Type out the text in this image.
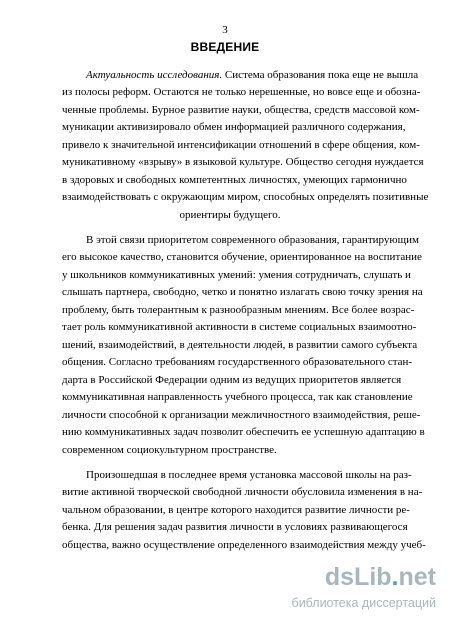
3
ВВЕДЕНИЕ
Актуальность исследования. Система образования пока еще не вышла
из полосы реформ. Остаются не только нерешенные, но вовсе еще и обозна-
ченные проблемы. Бурное развитие науки, общества, средств массовой ком-
муникации активизировало обмен информацией различного содержания,
привело к значительной интенсификации отношений в сфере общения, ком-
муникативному «взрыву» в языковой культуре. Общество сегодня нуждается
в здоровых и свободных компетентных личностях, умеющих гармонично
взаимодействовать с окружающим миром, способных определять позитивные
ориентиры будущего.
В этой связи приоритетом современного образования, гарантирующим
его высокое качество, становится обучение, ориентированное на воспитание
у школьников коммуникативных умений: умения сотрудничать, слушать и
слышать партнера, свободно, четко и понятно излагать свою точку зрения на
проблему, быть толерантным к разнообразным мнениям. Все более возрас-
тает роль коммуникативной активности в системе социальных взаимоотно-
шений, взаимодействий, в деятельности людей, в развитии самого субъекта
общения. Согласно требованиям государственного образовательного стан-
дарта в Российской Федерации одним из ведущих приоритетов является
коммуникативная направленность учебного процесса, так как становление
личности способной к организации межличностного взаимодействия, реше-
нию коммуникативных задач позволит обеспечить ее успешную адаптацию в
современном социокультурном пространстве.
Произошедшая в последнее время установка массовой школы на раз-
витие активной творческой свободной личности обусловила изменения в на-
чальном образовании, в центре которого находится развитие личности ре-
бенка. Для решения задач развития личности в условиях развивающегося
общества, важно осуществление определенного взаимодействия между учеб-
dsLib.net
библиотека диссертаций
